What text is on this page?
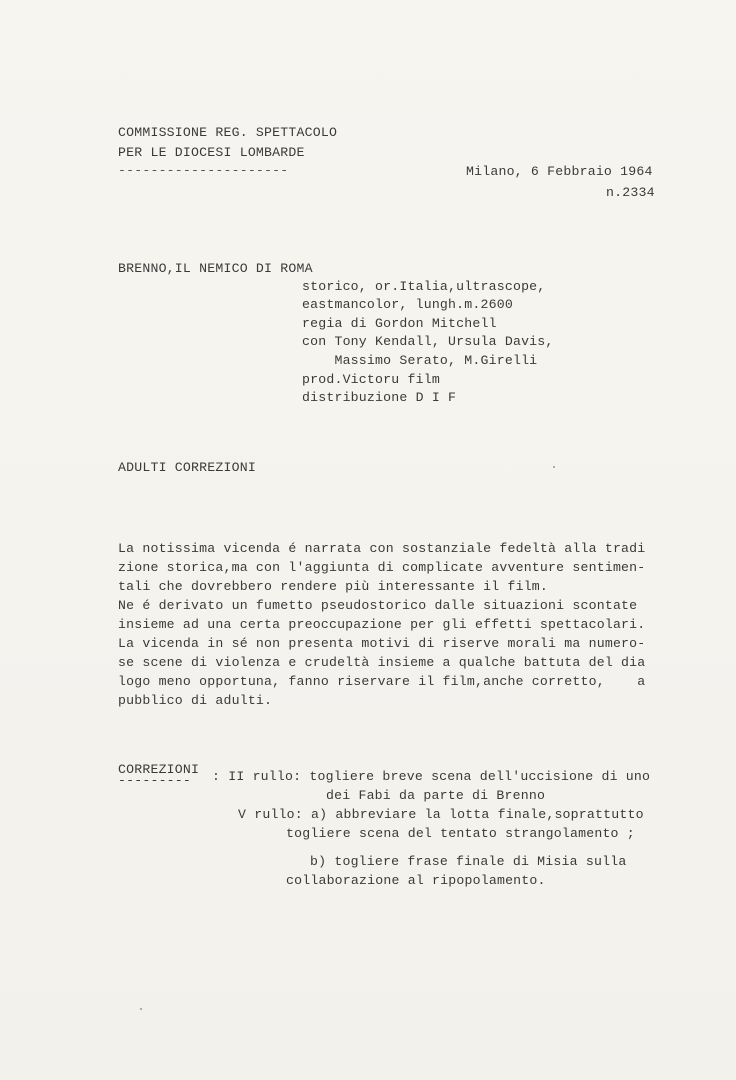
COMMISSIONE REG. SPETTACOLO
PER LE DIOCESI LOMBARDE
---------------------	Milano, 6 Febbraio 1964
n.2334
BRENNO,IL NEMICO DI ROMA
storico, or.Italia,ultrascope,
eastmancolor, lungh.m.2600
regia di Gordon Mitchell
con Tony Kendall, Ursula Davis,
Massimo Serato, M.Girelli
prod.Victoru film
distribuzione D I F
ADULTI CORREZIONI
La notissima vicenda é narrata con sostanziale fedeltà alla tradi
zione storica,ma con l'aggiunta di complicate avventure sentimen-
tali che dovrebbero rendere più interessante il film.
Ne é derivato un fumetto pseudostorico dalle situazioni scontate
insieme ad una certa preoccupazione per gli effetti spettacolari.
La vicenda in sé non presenta motivi di riserve morali ma numero-
se scene di violenza e crudeltà insieme a qualche battuta del dia
logo meno opportuna, fanno riservare il film,anche corretto,    a
pubblico di adulti.
CORREZIONI
--------- : II rullo: togliere breve scena dell'uccisione di uno
dei Fabi da parte di Brenno
V rullo: a) abbreviare la lotta finale,soprattutto
togliere scena del tentato strangolamento ;
b) togliere frase finale di Misia sulla
collaborazione al ripopolamento.
